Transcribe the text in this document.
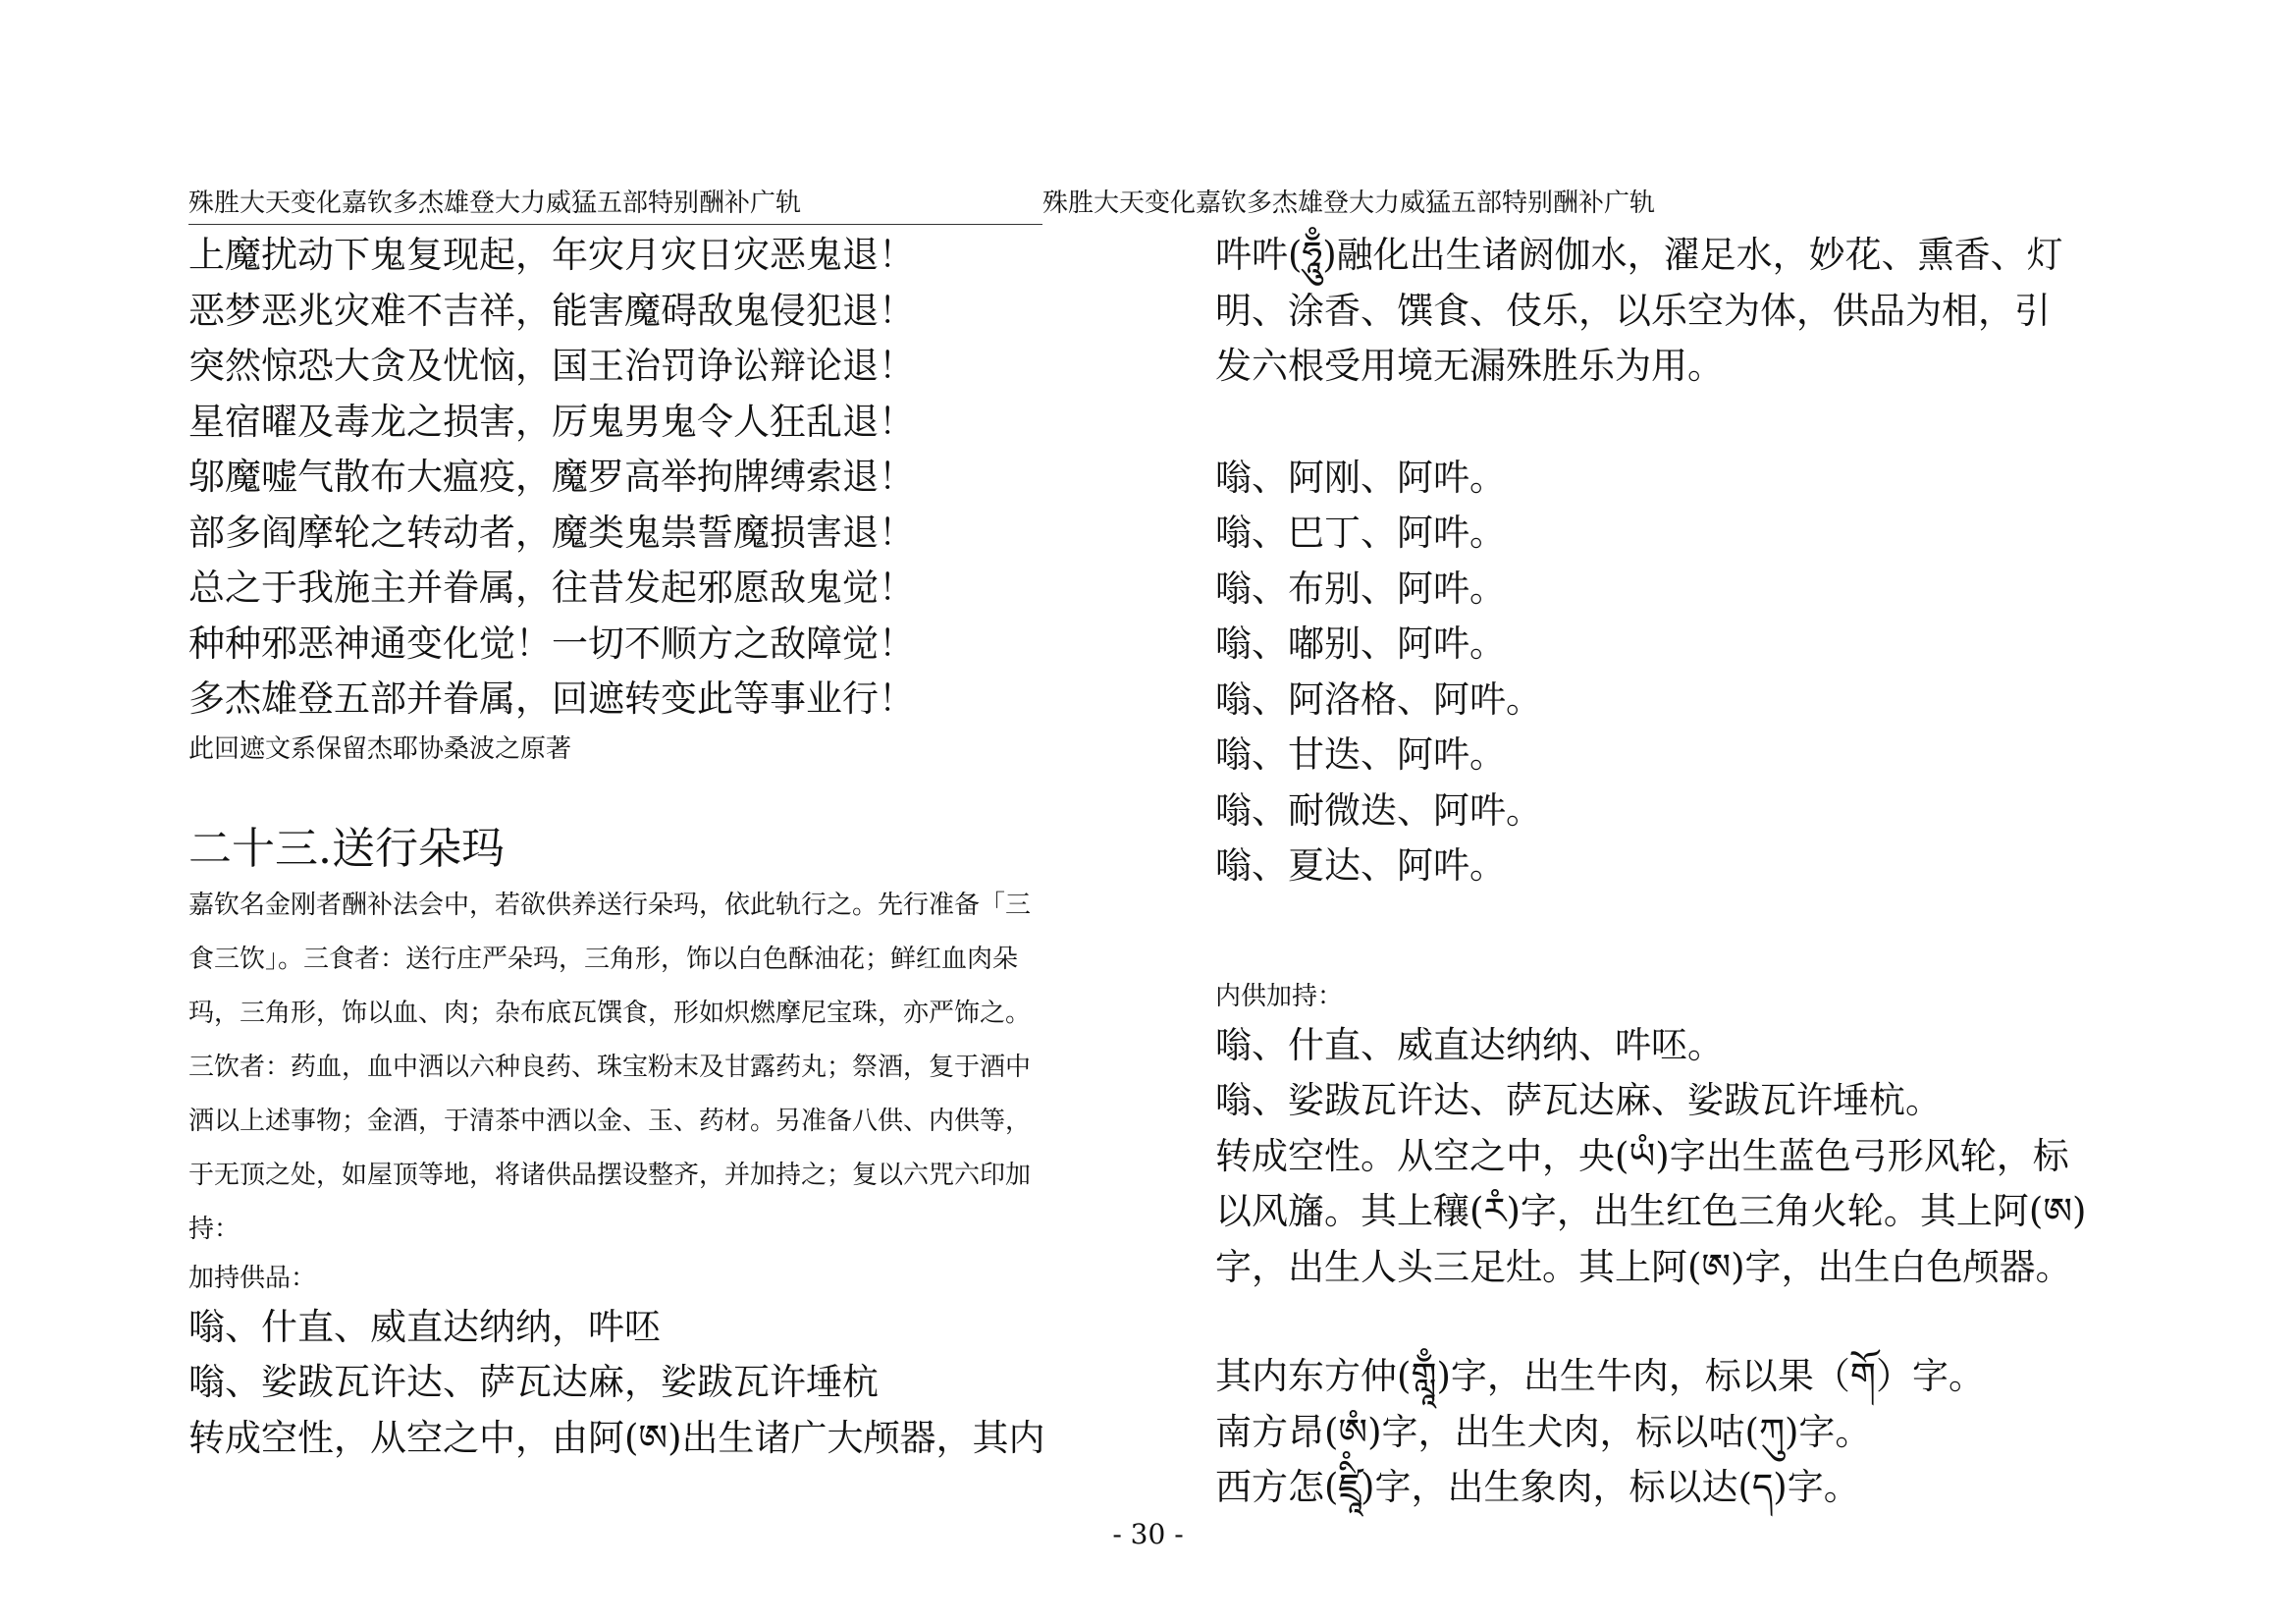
殊胜大天变化嘉钦多杰雄登大力威猛五部特别酬补广轨	殊胜大天变化嘉钦多杰雄登大力威猛五部特别酬补广轨
上魔扰动下鬼复现起，年灾月灾日灾恶鬼退！
恶梦恶兆灾难不吉祥，能害魔碍敌鬼侵犯退！
突然惊恐大贪及忧恼，国王治罚诤讼辩论退！
星宿曜及毒龙之损害，厉鬼男鬼令人狂乱退！
邬魔嘘气散布大瘟疫，魔罗高举拘牌缚索退！
部多阎摩轮之转动者，魔类鬼祟誓魔损害退！
总之于我施主并眷属，往昔发起邪愿敌鬼觉！
种种邪恶神通变化觉！一切不顺方之敌障觉！
多杰雄登五部并眷属，回遮转变此等事业行！
此回遮文系保留杰耶协桑波之原著
二十三.送行朵玛
嘉钦名金刚者酬补法会中，若欲供养送行朵玛，依此轨行之。先行准备「三
食三饮」。三食者：送行庄严朵玛，三角形，饰以白色酥油花；鲜红血肉朵
玛，三角形，饰以血、肉；杂布底瓦馔食，形如炽燃摩尼宝珠，亦严饰之。
三饮者：药血，血中洒以六种良药、珠宝粉末及甘露药丸；祭酒，复于酒中
洒以上述事物；金酒，于清茶中洒以金、玉、药材。另准备八供、内供等，
于无顶之处，如屋顶等地，将诸供品摆设整齐，并加持之；复以六咒六印加
持：
加持供品：
嗡、什直、威直达纳纳，吽呸
嗡、娑跋瓦许达、萨瓦达麻，娑跋瓦许埵杭
转成空性，从空之中，由阿(ཨ)出生诸广大颅器，其内
吽吽(ཧཱུྃ)融化出生诸阏伽水，濯足水，妙花、熏香、灯
明、涂香、馔食、伎乐，以乐空为体，供品为相，引
发六根受用境无漏殊胜乐为用。
嗡、阿刚、阿吽。
嗡、巴丁、阿吽。
嗡、布别、阿吽。
嗡、嘟别、阿吽。
嗡、阿洛格、阿吽。
嗡、甘迭、阿吽。
嗡、耐微迭、阿吽。
嗡、夏达、阿吽。
内供加持：
嗡、什直、威直达纳纳、吽呸。
嗡、娑跋瓦许达、萨瓦达麻、娑跋瓦许埵杭。
转成空性。从空之中，央(ཡཾ)字出生蓝色弓形风轮，标
以风旛。其上穰(རཾ)字，出生红色三角火轮。其上阿(ཨ)
字，出生人头三足灶。其上阿(ཨ)字，出生白色颅器。
其内东方仲(གླཱྃ)字，出生牛肉，标以果（གོ）字。
南方昂(ཨཾ)字，出生犬肉，标以咕(ཀུ)字。
西方怎(ཛྲཱིཾ)字，出生象肉，标以达(ད)字。
- 30 -
